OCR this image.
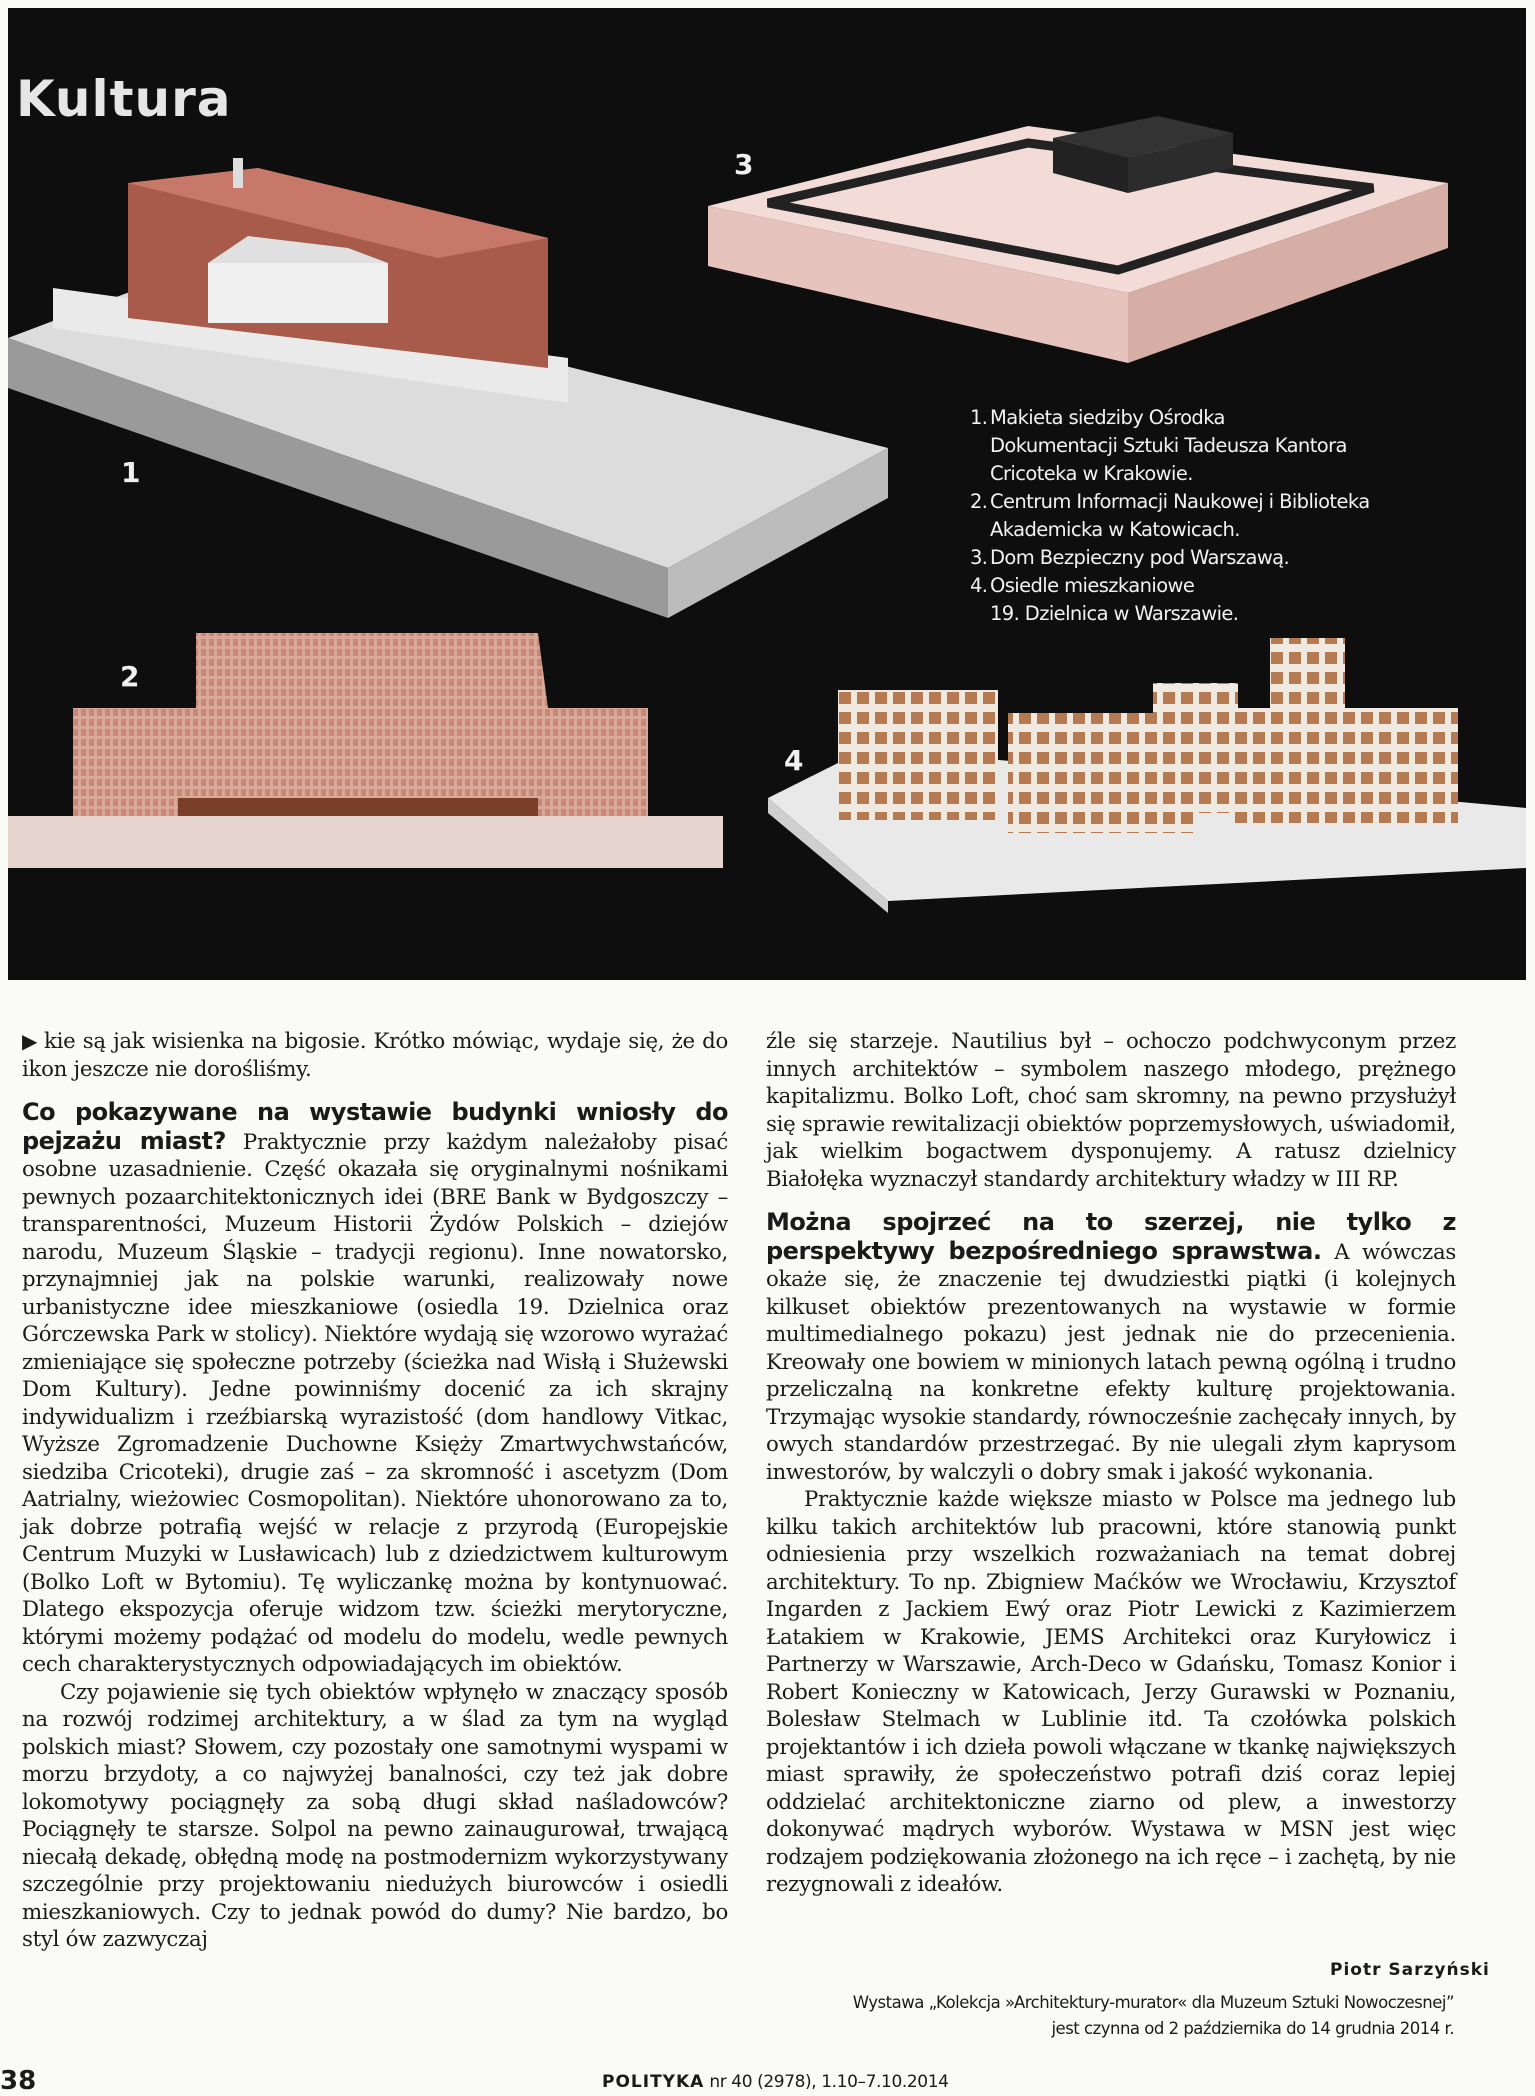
Kultura
1
2
3
4
1. Makieta siedziby Ośrodka
Dokumentacji Sztuki Tadeusza Kantora
Cricoteka w Krakowie.
2. Centrum Informacji Naukowej i Biblioteka
Akademicka w Katowicach.
3. Dom Bezpieczny pod Warszawą.
4. Osiedle mieszkaniowe
19. Dzielnica w Warszawie.

▶ kie są jak wisienka na bigosie. Krótko mówiąc, wydaje się, że do ikon jeszcze nie dorośliśmy.

Co pokazywane na wystawie budynki wniosły do pejzażu miast? Praktycznie przy każdym należałoby pisać osobne uzasadnienie. Część okazała się oryginalnymi nośnikami pewnych pozaarchitektonicznych idei (BRE Bank w Bydgoszczy – transparentności, Muzeum Historii Żydów Polskich – dziejów narodu, Muzeum Śląskie – tradycji regionu). Inne nowatorsko, przynajmniej jak na polskie warunki, realizowały nowe urbanistyczne idee mieszkaniowe (osiedla 19. Dzielnica oraz Górczewska Park w stolicy). Niektóre wydają się wzorowo wyrażać zmieniające się społeczne potrzeby (ścieżka nad Wisłą i Służewski Dom Kultury). Jedne powinniśmy docenić za ich skrajny indywidualizm i rzeźbiarską wyrazistość (dom handlowy Vitkac, Wyższe Zgromadzenie Duchowne Księży Zmartwychwstańców, siedziba Cricoteki), drugie zaś – za skromność i ascetyzm (Dom Aatrialny, wieżowiec Cosmopolitan). Niektóre uhonorowano za to, jak dobrze potrafią wejść w relacje z przyrodą (Europejskie Centrum Muzyki w Lusławicach) lub z dziedzictwem kulturowym (Bolko Loft w Bytomiu). Tę wyliczankę można by kontynuować. Dlatego ekspozycja oferuje widzom tzw. ścieżki merytoryczne, którymi możemy podążać od modelu do modelu, wedle pewnych cech charakterystycznych odpowiadających im obiektów.

Czy pojawienie się tych obiektów wpłynęło w znaczący sposób na rozwój rodzimej architektury, a w ślad za tym na wygląd polskich miast? Słowem, czy pozostały one samotnymi wyspami w morzu brzydoty, a co najwyżej banalności, czy też jak dobre lokomotywy pociągnęły za sobą długi skład naśladowców? Pociągnęły te starsze. Solpol na pewno zainaugurował, trwającą niecałą dekadę, obłędną modę na postmodernizm wykorzystywany szczególnie przy projektowaniu niedużych biurowców i osiedli mieszkaniowych. Czy to jednak powód do dumy? Nie bardzo, bo styl ów zazwyczaj

źle się starzeje. Nautilius był – ochoczo podchwyconym przez innych architektów – symbolem naszego młodego, prężnego kapitalizmu. Bolko Loft, choć sam skromny, na pewno przysłużył się sprawie rewitalizacji obiektów poprzemysłowych, uświadomił, jak wielkim bogactwem dysponujemy. A ratusz dzielnicy Białołęka wyznaczył standardy architektury władzy w III RP.

Można spojrzeć na to szerzej, nie tylko z perspektywy bezpośredniego sprawstwa. A wówczas okaże się, że znaczenie tej dwudziestki piątki (i kolejnych kilkuset obiektów prezentowanych na wystawie w formie multimedialnego pokazu) jest jednak nie do przecenienia. Kreowały one bowiem w minionych latach pewną ogólną i trudno przeliczalną na konkretne efekty kulturę projektowania. Trzymając wysokie standardy, równocześnie zachęcały innych, by owych standardów przestrzegać. By nie ulegali złym kaprysom inwestorów, by walczyli o dobry smak i jakość wykonania.

Praktycznie każde większe miasto w Polsce ma jednego lub kilku takich architektów lub pracowni, które stanowią punkt odniesienia przy wszelkich rozważaniach na temat dobrej architektury. To np. Zbigniew Maćków we Wrocławiu, Krzysztof Ingarden z Jackiem Ewý oraz Piotr Lewicki z Kazimierzem Łatakiem w Krakowie, JEMS Architekci oraz Kuryłowicz i Partnerzy w Warszawie, Arch-Deco w Gdańsku, Tomasz Konior i Robert Konieczny w Katowicach, Jerzy Gurawski w Poznaniu, Bolesław Stelmach w Lublinie itd. Ta czołówka polskich projektantów i ich dzieła powoli włączane w tkankę największych miast sprawiły, że społeczeństwo potrafi dziś coraz lepiej oddzielać architektoniczne ziarno od plew, a inwestorzy dokonywać mądrych wyborów. Wystawa w MSN jest więc rodzajem podziękowania złożonego na ich ręce – i zachętą, by nie rezygnowali z ideałów.

Piotr Sarzyński
Wystawa „Kolekcja »Architektury-murator« dla Muzeum Sztuki Nowoczesnej”
jest czynna od 2 października do 14 grudnia 2014 r.
38	POLITYKA nr 40 (2978), 1.10–7.10.2014
